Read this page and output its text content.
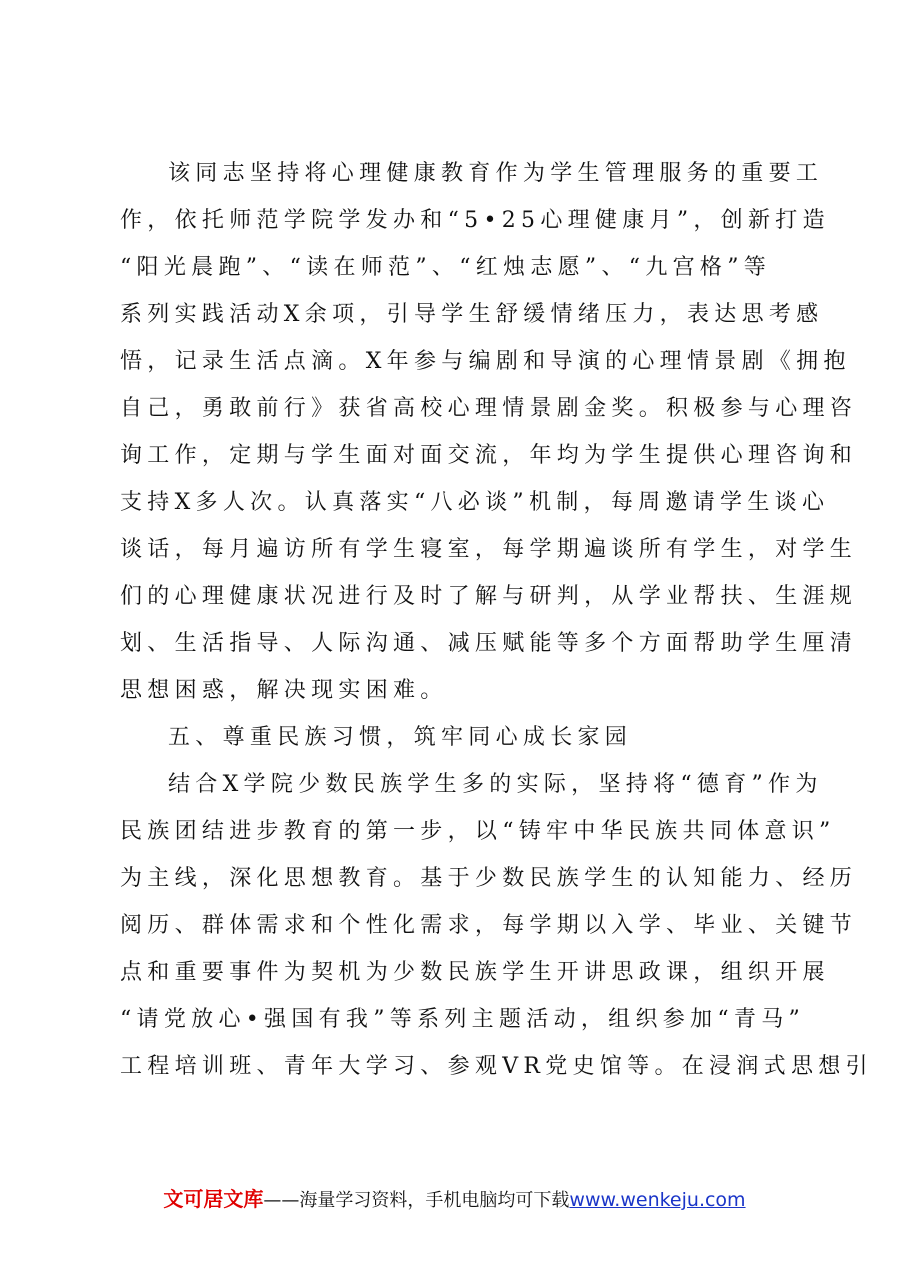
该同志坚持将心理健康教育作为学生管理服务的重要工
作，依托师范学院学发办和“5•25心理健康月”，创新打造
“阳光晨跑”、“读在师范”、“红烛志愿”、“九宫格”等
系列实践活动X余项，引导学生舒缓情绪压力，表达思考感
悟，记录生活点滴。X年参与编剧和导演的心理情景剧《拥抱
自己，勇敢前行》获省高校心理情景剧金奖。积极参与心理咨
询工作，定期与学生面对面交流，年均为学生提供心理咨询和
支持X多人次。认真落实“八必谈”机制，每周邀请学生谈心
谈话，每月遍访所有学生寝室，每学期遍谈所有学生，对学生
们的心理健康状况进行及时了解与研判，从学业帮扶、生涯规
划、生活指导、人际沟通、减压赋能等多个方面帮助学生厘清
思想困惑，解决现实困难。

五、尊重民族习惯，筑牢同心成长家园

结合X学院少数民族学生多的实际，坚持将“德育”作为
民族团结进步教育的第一步，以“铸牢中华民族共同体意识”
为主线，深化思想教育。基于少数民族学生的认知能力、经历
阅历、群体需求和个性化需求，每学期以入学、毕业、关键节
点和重要事件为契机为少数民族学生开讲思政课，组织开展
“请党放心•强国有我”等系列主题活动，组织参加“青马”
工程培训班、青年大学习、参观VR党史馆等。在浸润式思想引

文可居文库——海量学习资料，手机电脑均可下载www.wenkeju.com
